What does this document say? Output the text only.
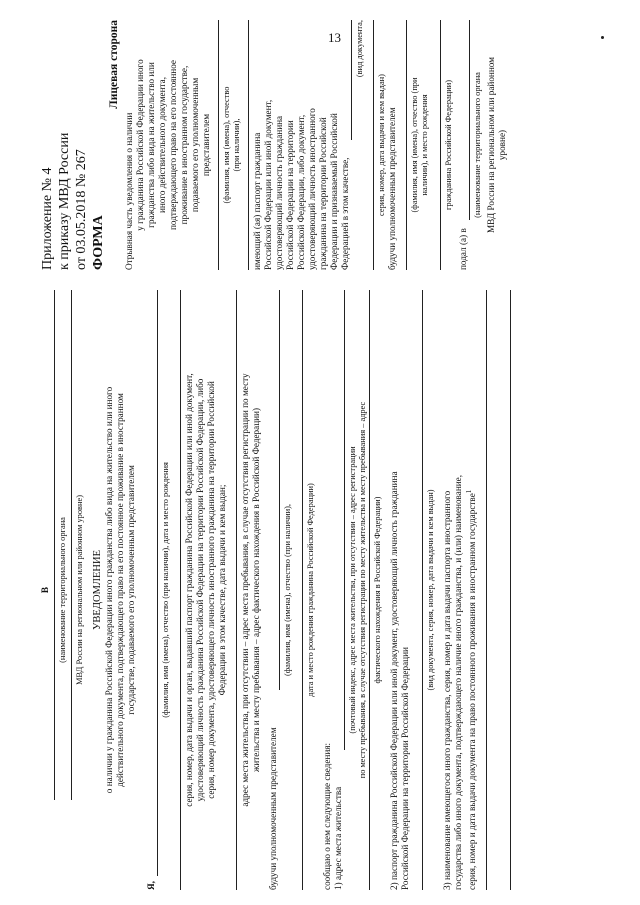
13
В (наименование территориального органа МВД России на региональном или районном уровне) УВЕДОМЛЕНИЕ о наличии у гражданина Российской Федерации иного гражданства либо вида на жительство или иного действительного документа, подтверждающего право на его постоянное проживание в иностранном государстве, подаваемого его уполномоченным представителем
Я,
(фамилия, имя (имена), отчество (при наличии), дата и место рождения серия, номер, дата выдачи и орган, выдавший паспорт гражданина Российской Федерации или иной документ, удостоверяющий личность гражданина Российской Федерации на территории Российской Федерации, либо серия, номер документа, удостоверяющего личность иностранного гражданина на территории Российской Федерации в этом качестве, дата выдачи и кем выдан; адрес места жительства, при отсутствии – адрес места пребывания, в случае отсутствия регистрации по месту жительства и месту пребывания – адрес фактического нахождения в Российской Федерации)
будучи уполномоченным представителем
(фамилия, имя (имена), отчество (при наличии), дата и место рождения гражданина Российской Федерации)
сообщаю о нем следующие сведения: 1) адрес места жительства
(почтовый индекс, адрес места жительства, при отсутствии – адрес регистрации по месту пребывания, в случае отсутствия регистрации по месту жительства и месту пребывания – адрес фактического нахождения в Российской Федерации) 2) паспорт гражданина Российской Федерации или иной документ, удостоверяющий личность гражданина Российской Федерации на территории Российской Федерации
(вид документа, серия, номер, дата выдачи и кем выдан) 3) наименование имеющегося иного гражданства, серия, номер и дата выдачи паспорта иностранного государства либо иного документа, подтверждающего наличие иного гражданства, и (или) наименование, серия, номер и дата выдачи документа на право постоянного проживания в иностранном государстве$^1$
Приложение № 4 к приказу МВД России от 03.05.2018 № 267 ФОРМА
Лицевая сторона
Отрывная часть уведомления о наличии у гражданина Российской Федерации иного гражданства либо вида на жительство или иного действительного документа, подтверждающего право на его постоянное проживание в иностранном государстве, подаваемого его уполномоченным представителем (фамилия, имя (имена), отчество (при наличии), имеющий (ая) паспорт гражданина Российской Федерации или иной документ, удостоверяющий личность гражданина Российской Федерации на территории Российской Федерации, либо документ, удостоверяющий личность иностранного гражданина на территории Российской Федерации и признаваемый Российской Федерацией в этом качестве,
(вид документа,
серия, номер, дата выдачи и кем выдан) будучи уполномоченным представителем (фамилия, имя (имена), отчество (при наличии), и место рождения гражданина Российской Федерации)
подал (а) в
(наименование территориального органа МВД России на региональном или районном уровне)
